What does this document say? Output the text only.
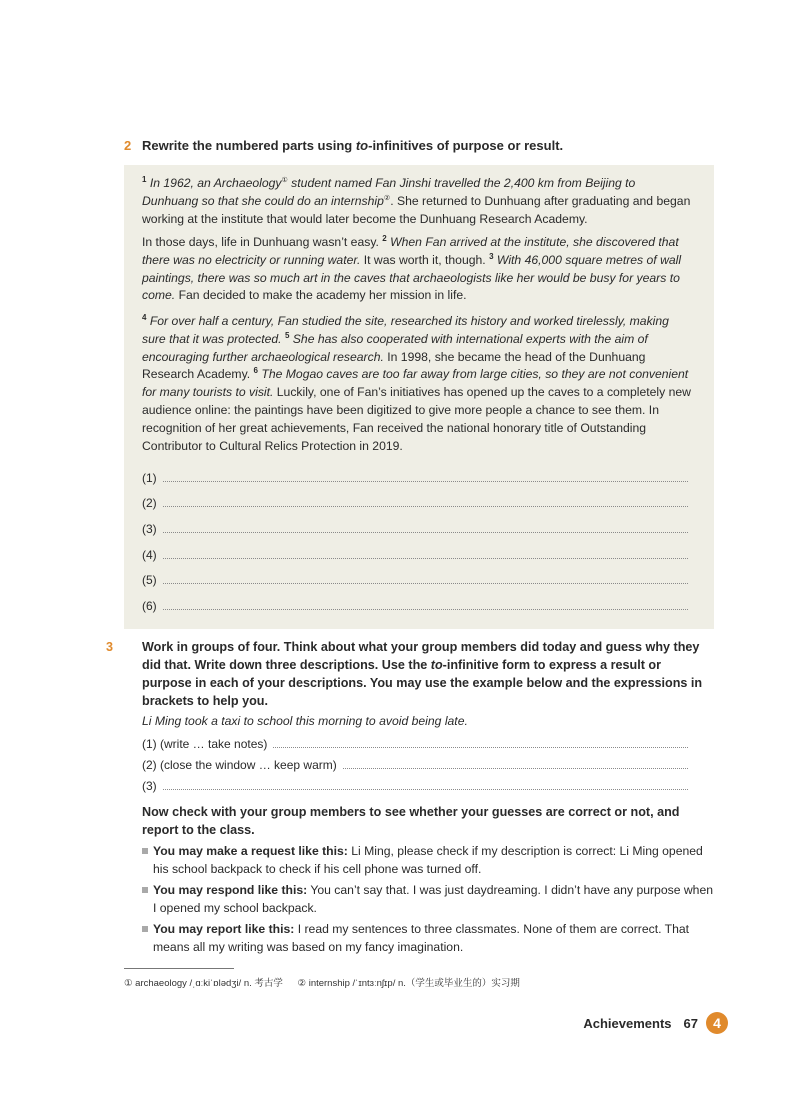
2 Rewrite the numbered parts using to-infinitives of purpose or result.
$^1$ In 1962, an Archaeology① student named Fan Jinshi travelled the 2,400 km from Beijing to Dunhuang so that she could do an internship②. She returned to Dunhuang after graduating and began working at the institute that would later become the Dunhuang Research Academy.
In those days, life in Dunhuang wasn’t easy. $^2$ When Fan arrived at the institute, she discovered that there was no electricity or running water. It was worth it, though. $^3$ With 46,000 square metres of wall paintings, there was so much art in the caves that archaeologists like her would be busy for years to come. Fan decided to make the academy her mission in life.
$^4$ For over half a century, Fan studied the site, researched its history and worked tirelessly, making sure that it was protected. $^5$ She has also cooperated with international experts with the aim of encouraging further archaeological research. In 1998, she became the head of the Dunhuang Research Academy. $^6$ The Mogao caves are too far away from large cities, so they are not convenient for many tourists to visit. Luckily, one of Fan’s initiatives has opened up the caves to a completely new audience online: the paintings have been digitized to give more people a chance to see them. In recognition of her great achievements, Fan received the national honorary title of Outstanding Contributor to Cultural Relics Protection in 2019.
(1)
(2)
(3)
(4)
(5)
(6)
3 Work in groups of four. Think about what your group members did today and guess why they did that. Write down three descriptions. Use the to-infinitive form to express a result or purpose in each of your descriptions. You may use the example below and the expressions in brackets to help you.
Li Ming took a taxi to school this morning to avoid being late.
(1) (write … take notes)
(2) (close the window … keep warm)
(3)
Now check with your group members to see whether your guesses are correct or not, and report to the class.
You may make a request like this: Li Ming, please check if my description is correct: Li Ming opened his school backpack to check if his cell phone was turned off.
You may respond like this: You can’t say that. I was just daydreaming. I didn’t have any purpose when I opened my school backpack.
You may report like this: I read my sentences to three classmates. None of them are correct. That means all my writing was based on my fancy imagination.
① archaeology /ˌɑːkiˈɒlədʒi/ n. 考古学 ② internship /ˈɪntɜːnʃɪp/ n.（学生或毕业生的）实习期
Achievements 67	4
